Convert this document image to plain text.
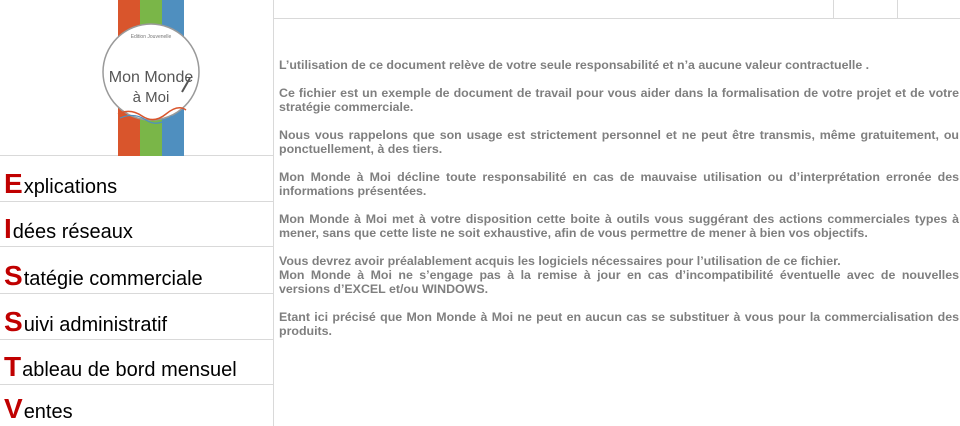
Edition Jouvenelle
Mon Monde
à Moi
E xplications
I dées réseaux
S tatégie commerciale
S uivi administratif
T ableau de bord mensuel
V entes

L’utilisation de ce document relève de votre seule responsabilité et n’a aucune valeur contractuelle .

Ce fichier est un exemple de document de travail pour vous aider dans la formalisation de votre projet et de votre stratégie commerciale.

Nous vous rappelons que son usage est strictement personnel et ne peut être transmis, même gratuitement, ou ponctuellement, à des tiers.

Mon Monde à Moi décline toute responsabilité en cas de mauvaise utilisation ou d’interprétation erronée des informations présentées.

Mon Monde à Moi met à votre disposition cette boite à outils vous suggérant des actions commerciales types à mener, sans que cette liste ne soit exhaustive, afin de vous permettre de mener à bien vos objectifs.

Vous devrez avoir préalablement acquis les logiciels nécessaires pour l’utilisation de ce fichier.

Mon Monde à Moi ne s’engage pas à la remise à jour en cas d’incompatibilité éventuelle avec de nouvelles versions d’EXCEL et/ou WINDOWS.

Etant ici précisé que Mon Monde à Moi ne peut en aucun cas se substituer à vous pour la commercialisation des produits.
